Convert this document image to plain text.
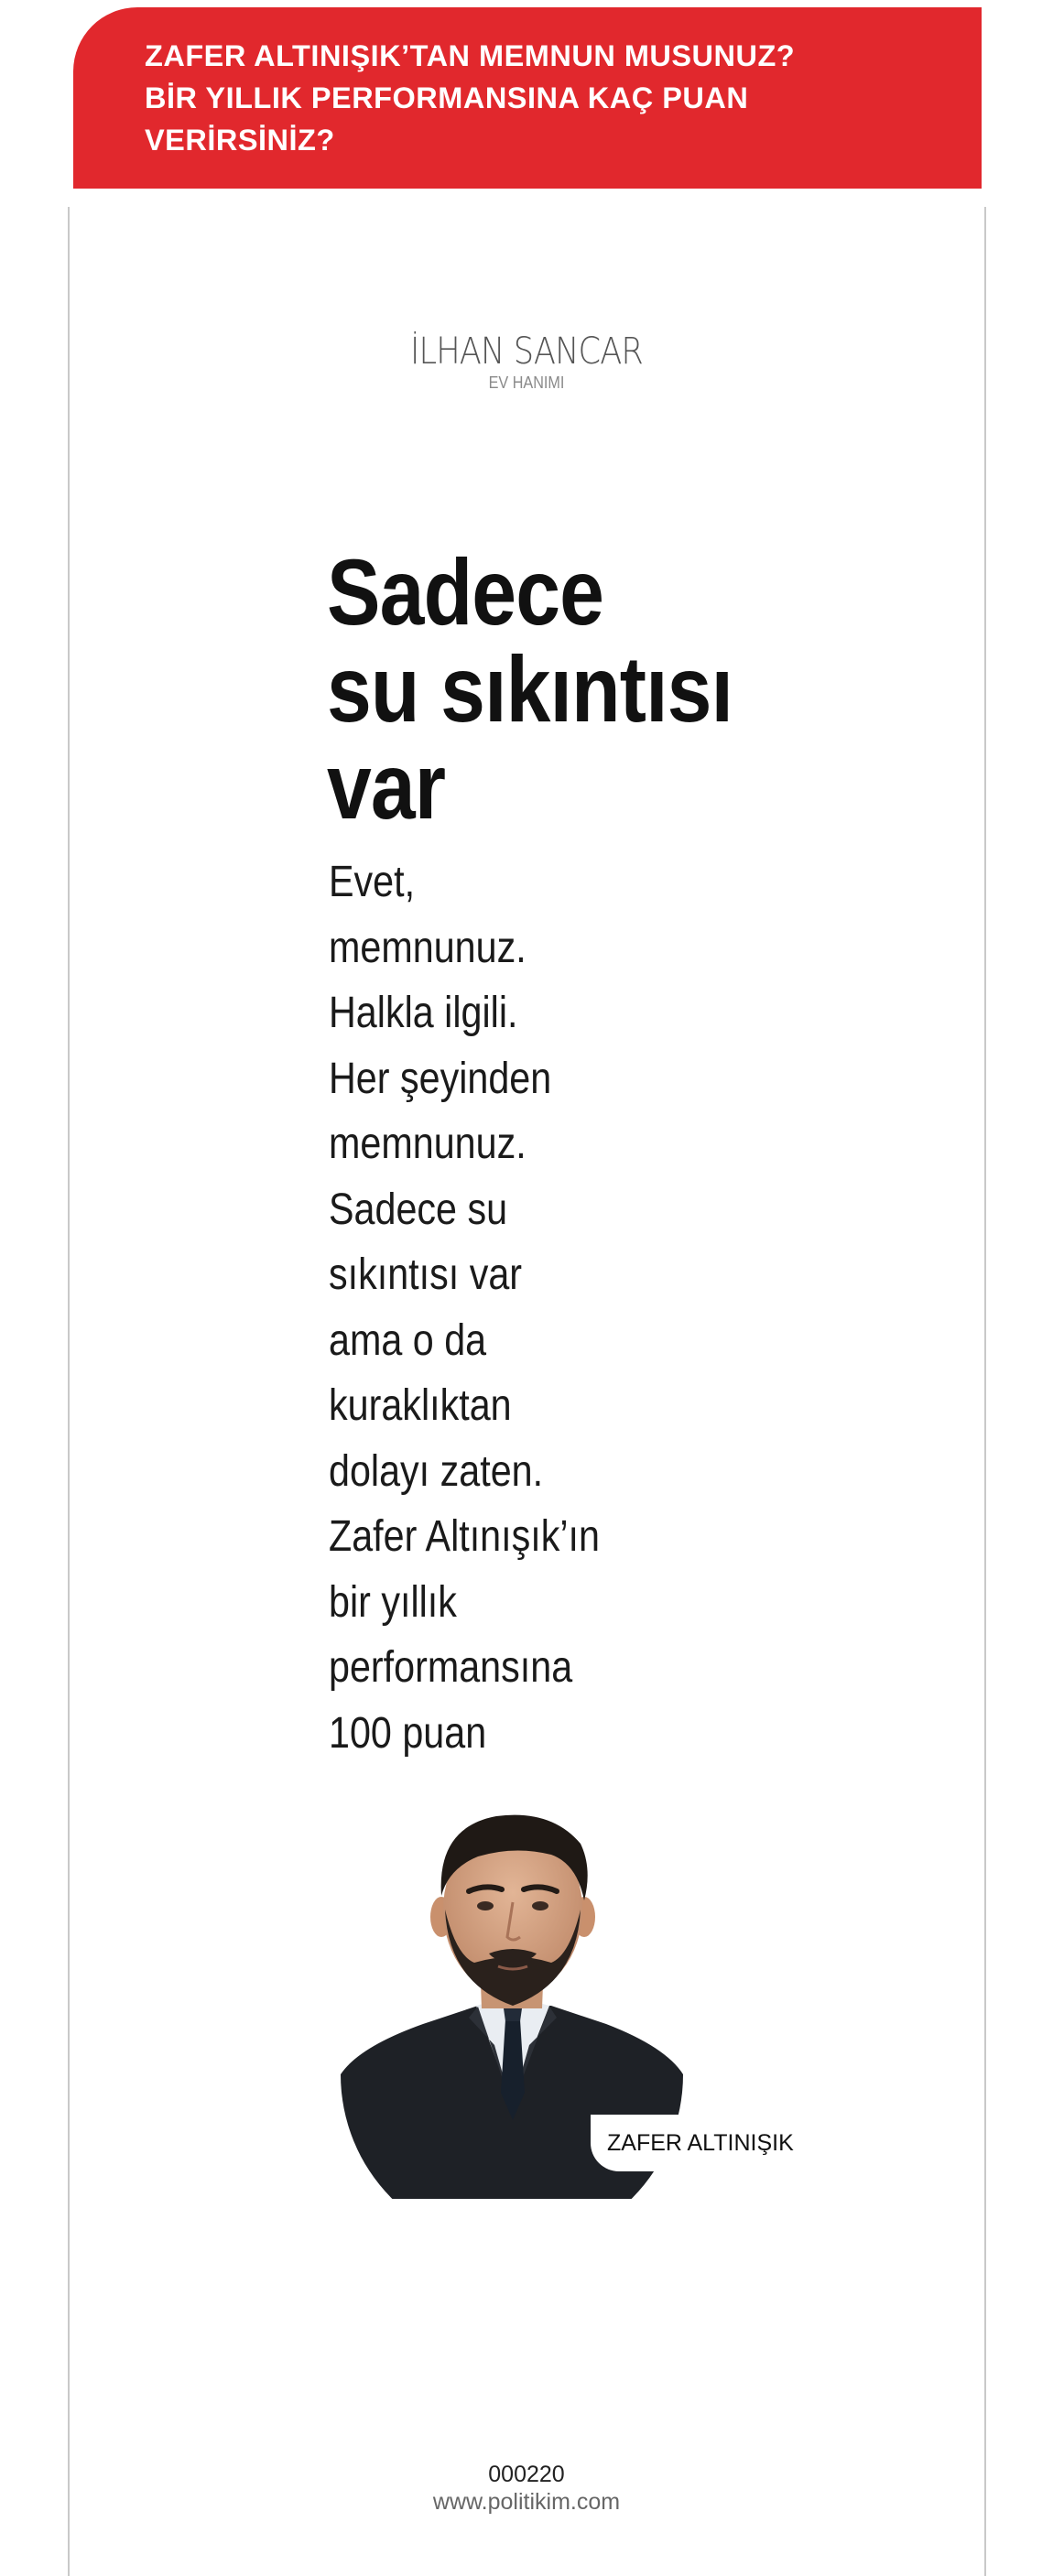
ZAFER ALTINIŞIK’TAN MEMNUN MUSUNUZ?
BİR YILLIK PERFORMANSINA KAÇ PUAN
VERİRSİNİZ?
İLHAN SANCAR
EV HANIMI
Sadece
su sıkıntısı
var
Evet,
memnunuz.
Halkla ilgili.
Her şeyinden
memnunuz.
Sadece su
sıkıntısı var
ama o da
kuraklıktan
dolayı zaten.
Zafer Altınışık’ın
bir yıllık
performansına
100 puan
ZAFER ALTINIŞIK
000220
www.politikim.com
